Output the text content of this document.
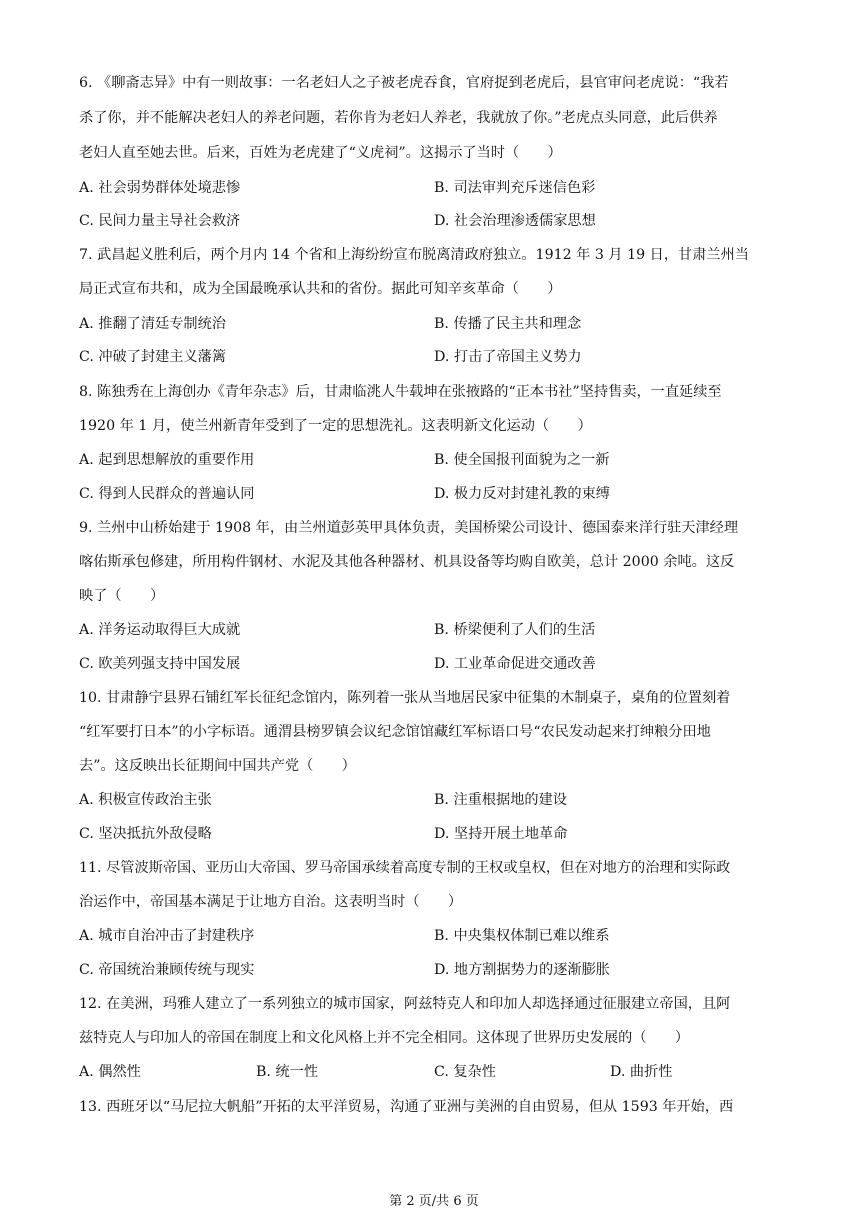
6. 《聊斋志异》中有一则故事：一名老妇人之子被老虎吞食，官府捉到老虎后，县官审问老虎说：“我若
杀了你，并不能解决老妇人的养老问题，若你肯为老妇人养老，我就放了你。”老虎点头同意，此后供养
老妇人直至她去世。后来，百姓为老虎建了“义虎祠”。这揭示了当时（　　）
A. 社会弱势群体处境悲惨	B. 司法审判充斥迷信色彩
C. 民间力量主导社会救济	D. 社会治理渗透儒家思想
7. 武昌起义胜利后，两个月内 14 个省和上海纷纷宣布脱离清政府独立。1912 年 3 月 19 日，甘肃兰州当
局正式宣布共和，成为全国最晚承认共和的省份。据此可知辛亥革命（　　）
A. 推翻了清廷专制统治	B. 传播了民主共和理念
C. 冲破了封建主义藩篱	D. 打击了帝国主义势力
8. 陈独秀在上海创办《青年杂志》后，甘肃临洮人牛载坤在张掖路的“正本书社”坚持售卖，一直延续至
1920 年 1 月，使兰州新青年受到了一定的思想洗礼。这表明新文化运动（　　）
A. 起到思想解放的重要作用	B. 使全国报刊面貌为之一新
C. 得到人民群众的普遍认同	D. 极力反对封建礼教的束缚
9. 兰州中山桥始建于 1908 年，由兰州道彭英甲具体负责，美国桥梁公司设计、德国泰来洋行驻天津经理
喀佑斯承包修建，所用构件钢材、水泥及其他各种器材、机具设备等均购自欧美，总计 2000 余吨。这反
映了（　　）
A. 洋务运动取得巨大成就	B. 桥梁便利了人们的生活
C. 欧美列强支持中国发展	D. 工业革命促进交通改善
10. 甘肃静宁县界石铺红军长征纪念馆内，陈列着一张从当地居民家中征集的木制桌子，桌角的位置刻着
“红军要打日本”的小字标语。通渭县榜罗镇会议纪念馆馆藏红军标语口号“农民发动起来打绅粮分田地
去”。这反映出长征期间中国共产党（　　）
A. 积极宣传政治主张	B. 注重根据地的建设
C. 坚决抵抗外敌侵略	D. 坚持开展土地革命
11. 尽管波斯帝国、亚历山大帝国、罗马帝国承续着高度专制的王权或皇权，但在对地方的治理和实际政
治运作中，帝国基本满足于让地方自治。这表明当时（　　）
A. 城市自治冲击了封建秩序	B. 中央集权体制已难以维系
C. 帝国统治兼顾传统与现实	D. 地方割据势力的逐渐膨胀
12. 在美洲，玛雅人建立了一系列独立的城市国家，阿兹特克人和印加人却选择通过征服建立帝国，且阿
兹特克人与印加人的帝国在制度上和文化风格上并不完全相同。这体现了世界历史发展的（　　）
A. 偶然性	B. 统一性	C. 复杂性	D. 曲折性
13. 西班牙以“马尼拉大帆船”开拓的太平洋贸易，沟通了亚洲与美洲的自由贸易，但从 1593 年开始，西
第 2 页/共 6 页
